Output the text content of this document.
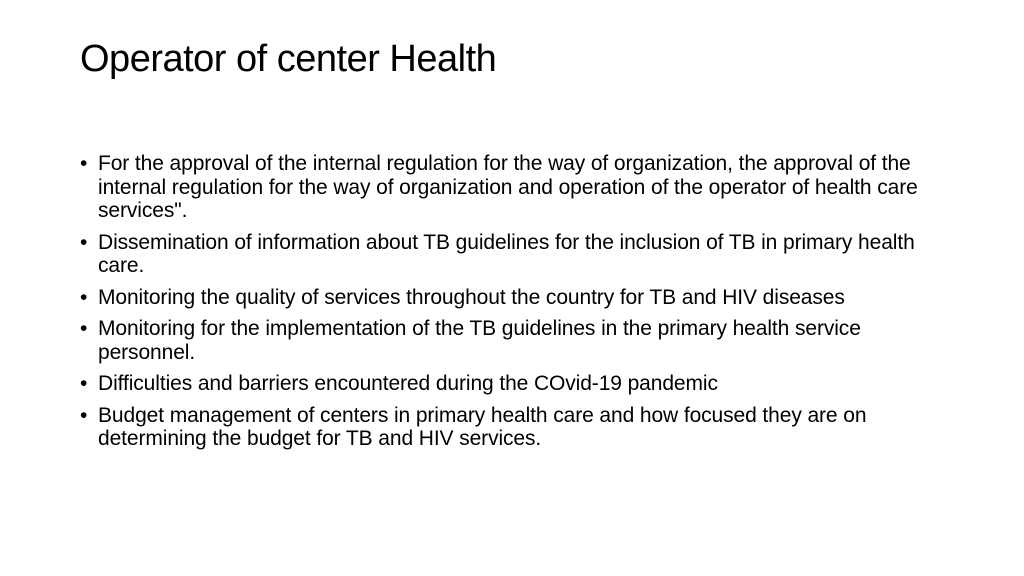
Operator of center Health
• For the approval of the internal regulation for the way of organization, the approval of the internal regulation for the way of organization and operation of the operator of health care services".
• Dissemination of information about TB guidelines for the inclusion of TB in primary health care.
• Monitoring the quality of services throughout the country for TB and HIV diseases
• Monitoring for the implementation of the TB guidelines in the primary health service personnel.
• Difficulties and barriers encountered during the COvid-19 pandemic
• Budget management of centers in primary health care and how focused they are on determining the budget for TB and HIV services.
